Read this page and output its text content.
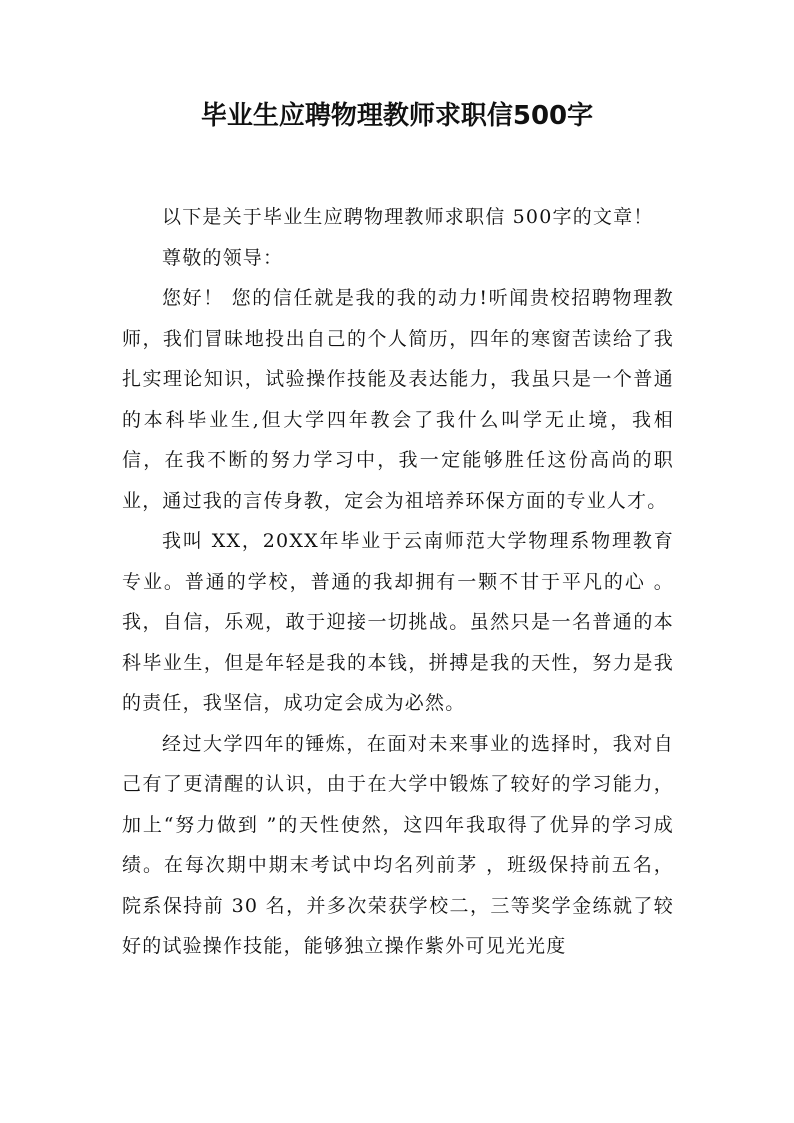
毕业生应聘物理教师求职信500字

以下是关于毕业生应聘物理教师求职信 500字的文章！

尊敬的领导：

您好！ 您的信任就是我的我的动力!听闻贵校招聘物理教师，我们冒昧地投出自己的个人简历，四年的寒窗苦读给了我扎实理论知识，试验操作技能及表达能力，我虽只是一个普通的本科毕业生,但大学四年教会了我什么叫学无止境，我相信，在我不断的努力学习中，我一定能够胜任这份高尚的职业，通过我的言传身教，定会为祖培养环保方面的专业人才。

我叫 XX，20XX年毕业于云南师范大学物理系物理教育专业。普通的学校，普通的我却拥有一颗不甘于平凡的心 。我，自信，乐观，敢于迎接一切挑战。虽然只是一名普通的本科毕业生，但是年轻是我的本钱，拼搏是我的天性，努力是我的责任，我坚信，成功定会成为必然。

经过大学四年的锤炼，在面对未来事业的选择时，我对自己有了更清醒的认识，由于在大学中锻炼了较好的学习能力，加上“努力做到 ”的天性使然，这四年我取得了优异的学习成绩。在每次期中期末考试中均名列前茅 ，班级保持前五名，院系保持前 30 名，并多次荣获学校二，三等奖学金练就了较好的试验操作技能，能够独立操作紫外可见光光度
